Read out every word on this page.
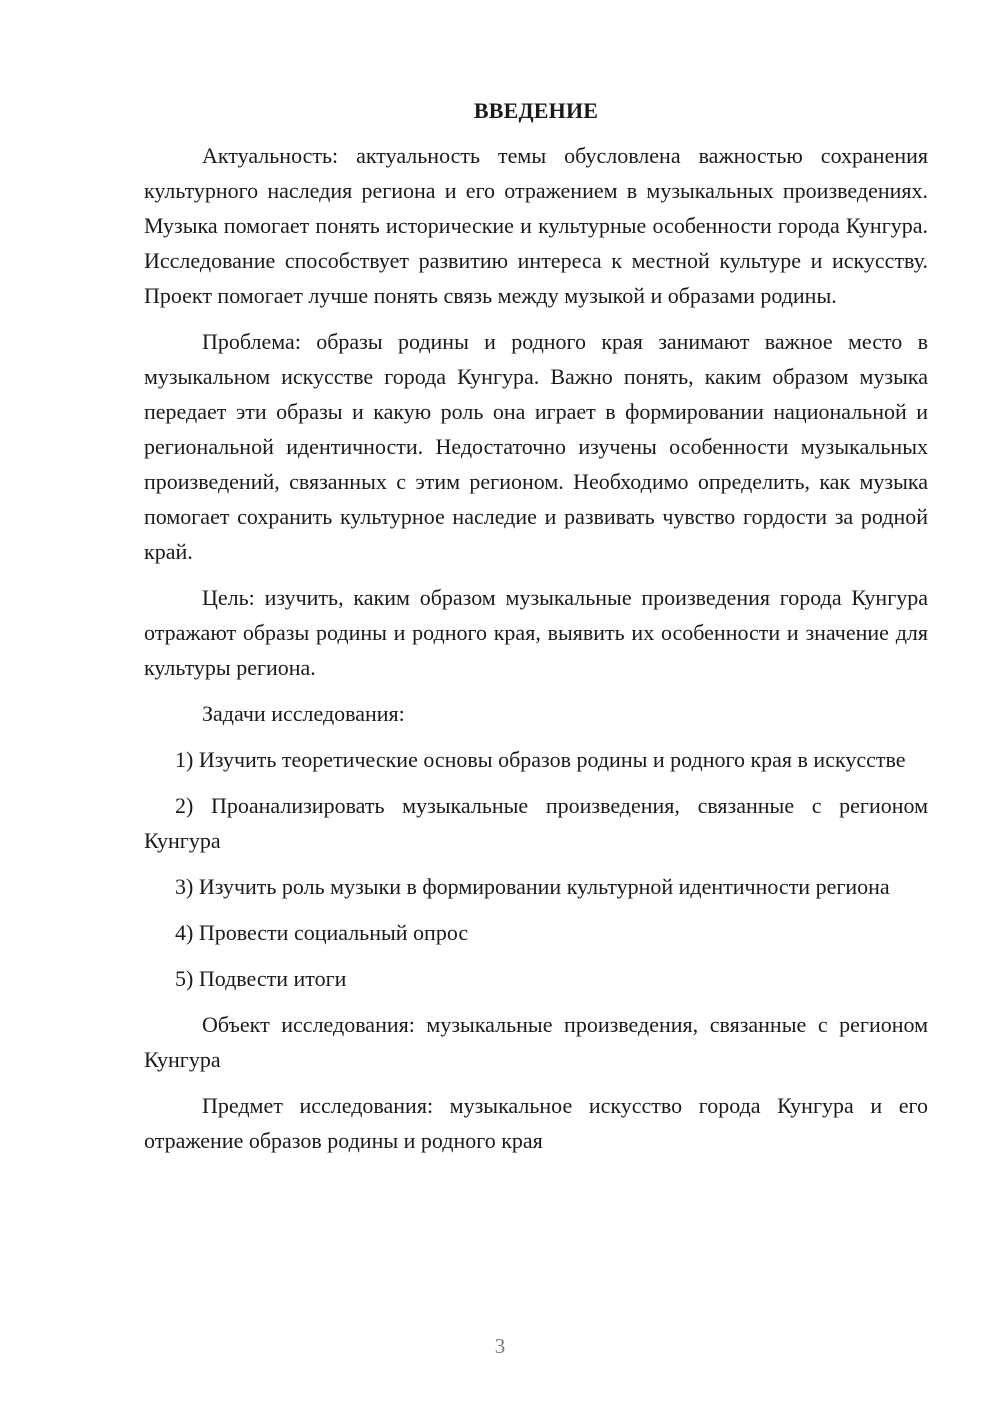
ВВЕДЕНИЕ

Актуальность: актуальность темы обусловлена важностью сохранения культурного наследия региона и его отражением в музыкальных произведениях. Музыка помогает понять исторические и культурные особенности города Кунгура. Исследование способствует развитию интереса к местной культуре и искусству. Проект помогает лучше понять связь между музыкой и образами родины.

Проблема: образы родины и родного края занимают важное место в музыкальном искусстве города Кунгура. Важно понять, каким образом музыка передает эти образы и какую роль она играет в формировании национальной и региональной идентичности. Недостаточно изучены особенности музыкальных произведений, связанных с этим регионом. Необходимо определить, как музыка помогает сохранить культурное наследие и развивать чувство гордости за родной край.

Цель: изучить, каким образом музыкальные произведения города Кунгура отражают образы родины и родного края, выявить их особенности и значение для культуры региона.

Задачи исследования:

1) Изучить теоретические основы образов родины и родного края в искусстве

2) Проанализировать музыкальные произведения, связанные с регионом Кунгура

3) Изучить роль музыки в формировании культурной идентичности региона

4) Провести социальный опрос

5) Подвести итоги

Объект исследования: музыкальные произведения, связанные с регионом Кунгура

Предмет исследования: музыкальное искусство города Кунгура и его отражение образов родины и родного края

3
